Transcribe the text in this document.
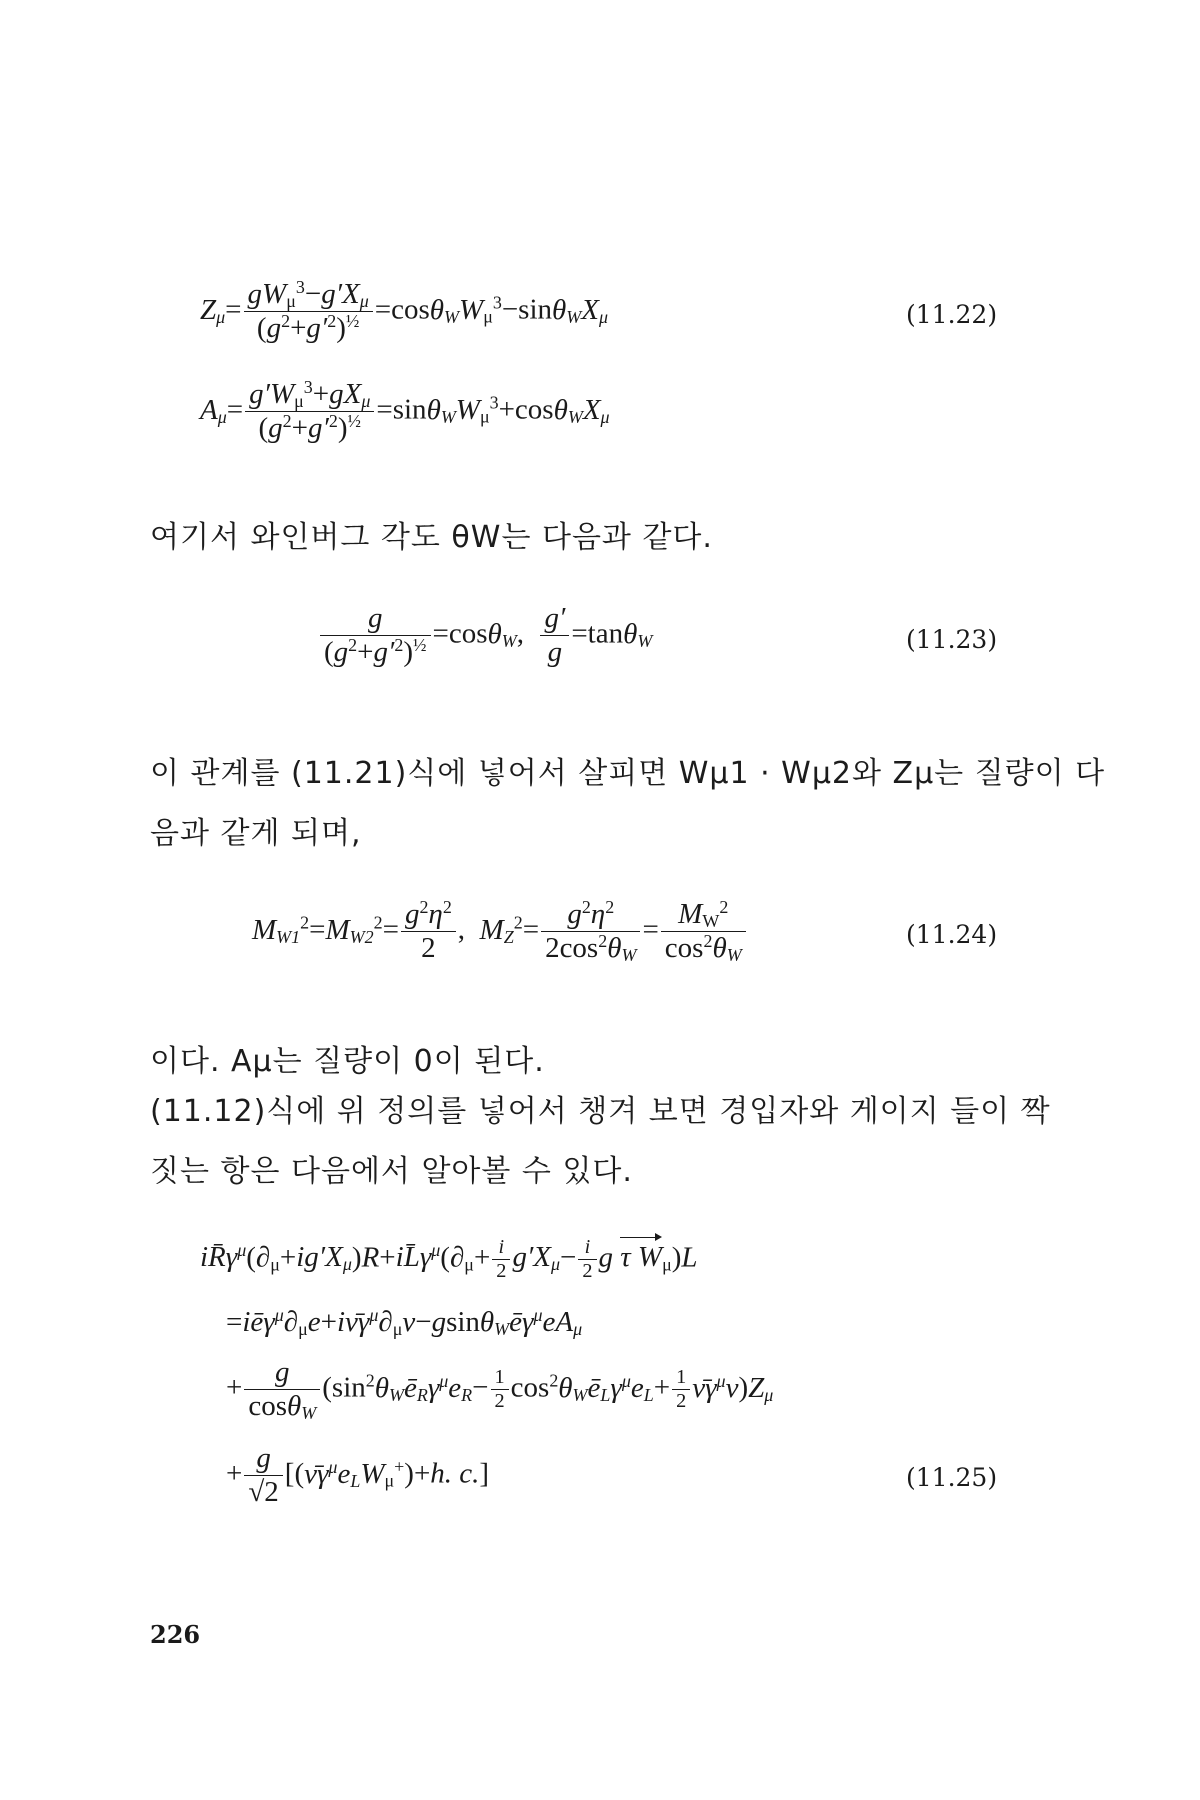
$Z_\mu= \frac{gW_\mu^3-g'X_\mu}{(g^2+g'^2)^{\frac{1}{2}}} =\cos\theta_WW_\mu^3-\sin\theta_WX_\mu$	(11.22)
$A_\mu= \frac{g'W_\mu^3+gX_\mu}{(g^2+g'^2)^{\frac{1}{2}}} =\sin\theta_WW_\mu^3+\cos\theta_WX_\mu$
여기서 와인버그 각도 θW는 다음과 같다.
$\frac{g}{(g^2+g'^2)^{\frac{1}{2}}} =\cos\theta_W$, $\frac{g'}{g} =\tan\theta_W$	(11.23)
이 관계를 (11.21)식에 넣어서 살피면 Wμ1 · Wμ2와 Zμ는 질량이 다
음과 같게 되며,
$M_{W1}^2=M_{W2}^2= \frac{g^2\eta^2}{2}$ ,  $M_Z^2= \frac{g^2\eta^2}{2\cos^2\theta_W} = \frac{M_W^2}{\cos^2\theta_W}$	(11.24)
이다. Aμ는 질량이 0이 된다.
(11.12)식에 위 정의를 넣어서 챙겨 보면 경입자와 게이지 들이 짝
짓는 항은 다음에서 알아볼 수 있다.
$iR̄\gamma^\mu(\partial_\mu+ig'X_\mu)R+iL̄\gamma^\mu(\partial_\mu+ \frac{i}{2} g'X_\mu- \frac{i}{2}$ g τ $W_\mu)L$
$=iē\gamma^\mu\partial_\mu e+i\nū\gamma^\mu\partial_\mu\nu-gsin\theta_Wē\gamma^\mu eA_\mu$
+ $\frac{g}{\cos\theta_W}$ ($\sin^2\theta_Wē_R\gamma^\mu e_R- \frac{1}{2}$ $\cos^2\theta_Wē_L\gamma^\mu e_L+ \frac{1}{2}$ $\nū\gamma^\mu\nu)Z_\mu$
+ $\frac{g}{√2}$ [$(\nū\gamma^\mu e_LW_\mu^+)+h$. c.]	(11.25)
226
